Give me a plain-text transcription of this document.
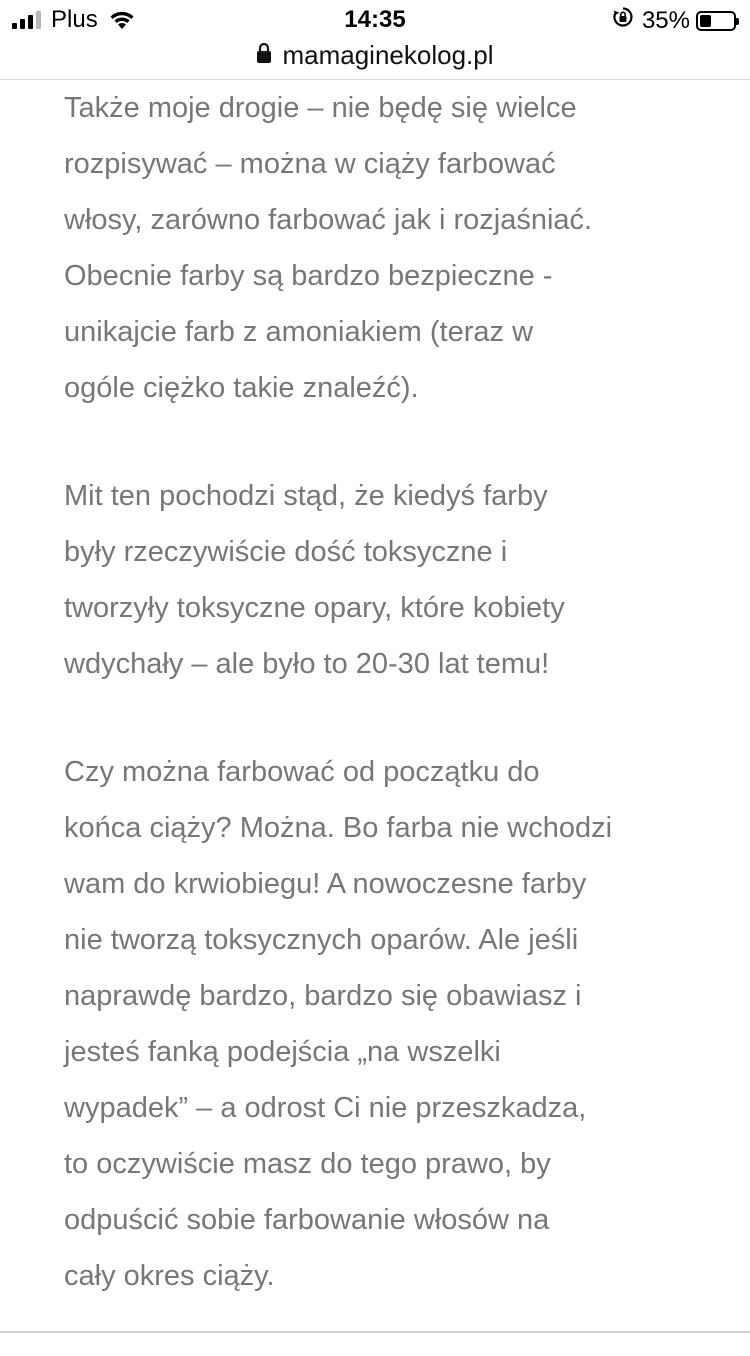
Plus	14:35	35%
mamaginekolog.pl

Także moje drogie – nie będę się wielce
rozpisywać – można w ciąży farbować
włosy, zarówno farbować jak i rozjaśniać.
Obecnie farby są bardzo bezpieczne -
unikajcie farb z amoniakiem (teraz w
ogóle ciężko takie znaleźć).

Mit ten pochodzi stąd, że kiedyś farby
były rzeczywiście dość toksyczne i
tworzyły toksyczne opary, które kobiety
wdychały – ale było to 20-30 lat temu!

Czy można farbować od początku do
końca ciąży? Można. Bo farba nie wchodzi
wam do krwiobiegu! A nowoczesne farby
nie tworzą toksycznych oparów. Ale jeśli
naprawdę bardzo, bardzo się obawiasz i
jesteś fanką podejścia „na wszelki
wypadek” – a odrost Ci nie przeszkadza,
to oczywiście masz do tego prawo, by
odpuścić sobie farbowanie włosów na
cały okres ciąży.
